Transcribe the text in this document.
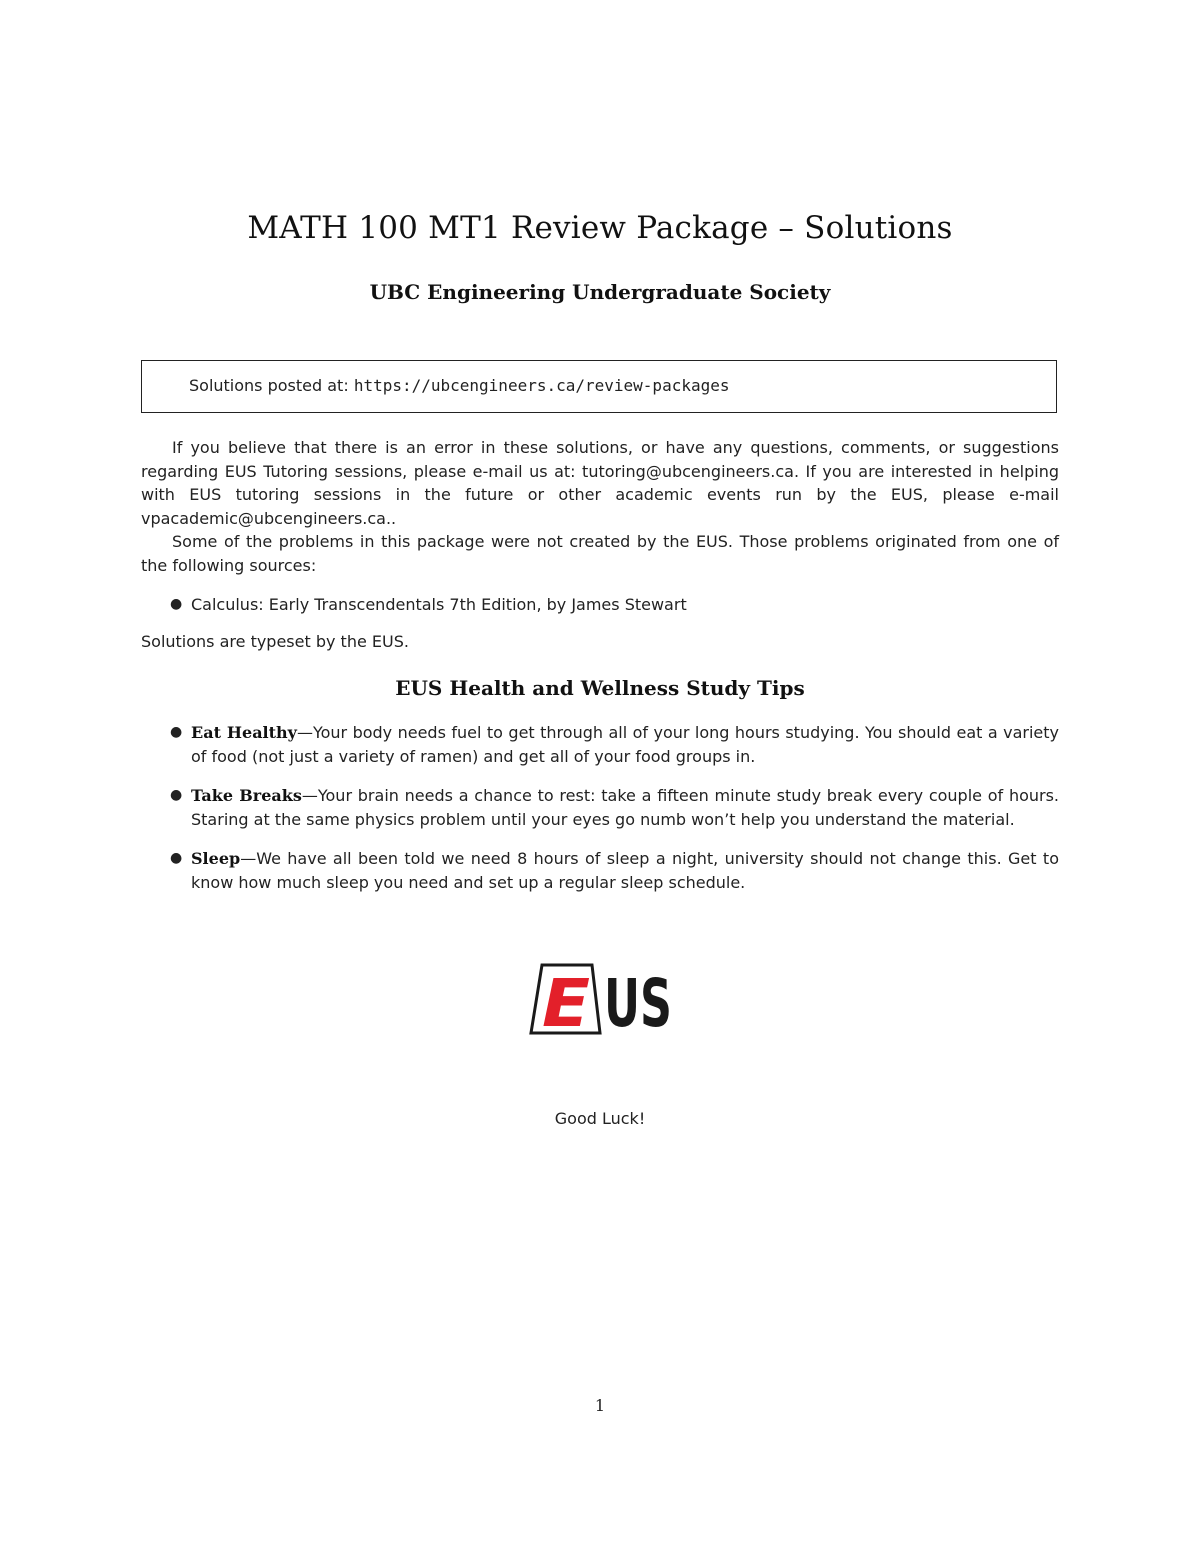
MATH 100 MT1 Review Package – Solutions
UBC Engineering Undergraduate Society
Solutions posted at: https://ubcengineers.ca/review-packages
If you believe that there is an error in these solutions, or have any questions, comments, or suggestions regarding EUS Tutoring sessions, please e-mail us at: tutoring@ubcengineers.ca. If you are interested in helping with EUS tutoring sessions in the future or other academic events run by the EUS, please e-mail vpacademic@ubcengineers.ca..
Some of the problems in this package were not created by the EUS. Those problems originated from one of the following sources:
● Calculus: Early Transcendentals 7th Edition, by James Stewart
Solutions are typeset by the EUS.
EUS Health and Wellness Study Tips
● Eat Healthy—Your body needs fuel to get through all of your long hours studying. You should eat a variety of food (not just a variety of ramen) and get all of your food groups in.
● Take Breaks—Your brain needs a chance to rest: take a fifteen minute study break every couple of hours. Staring at the same physics problem until your eyes go numb won’t help you understand the material.
● Sleep—We have all been told we need 8 hours of sleep a night, university should not change this. Get to know how much sleep you need and set up a regular sleep schedule.
E US
Good Luck!
1
